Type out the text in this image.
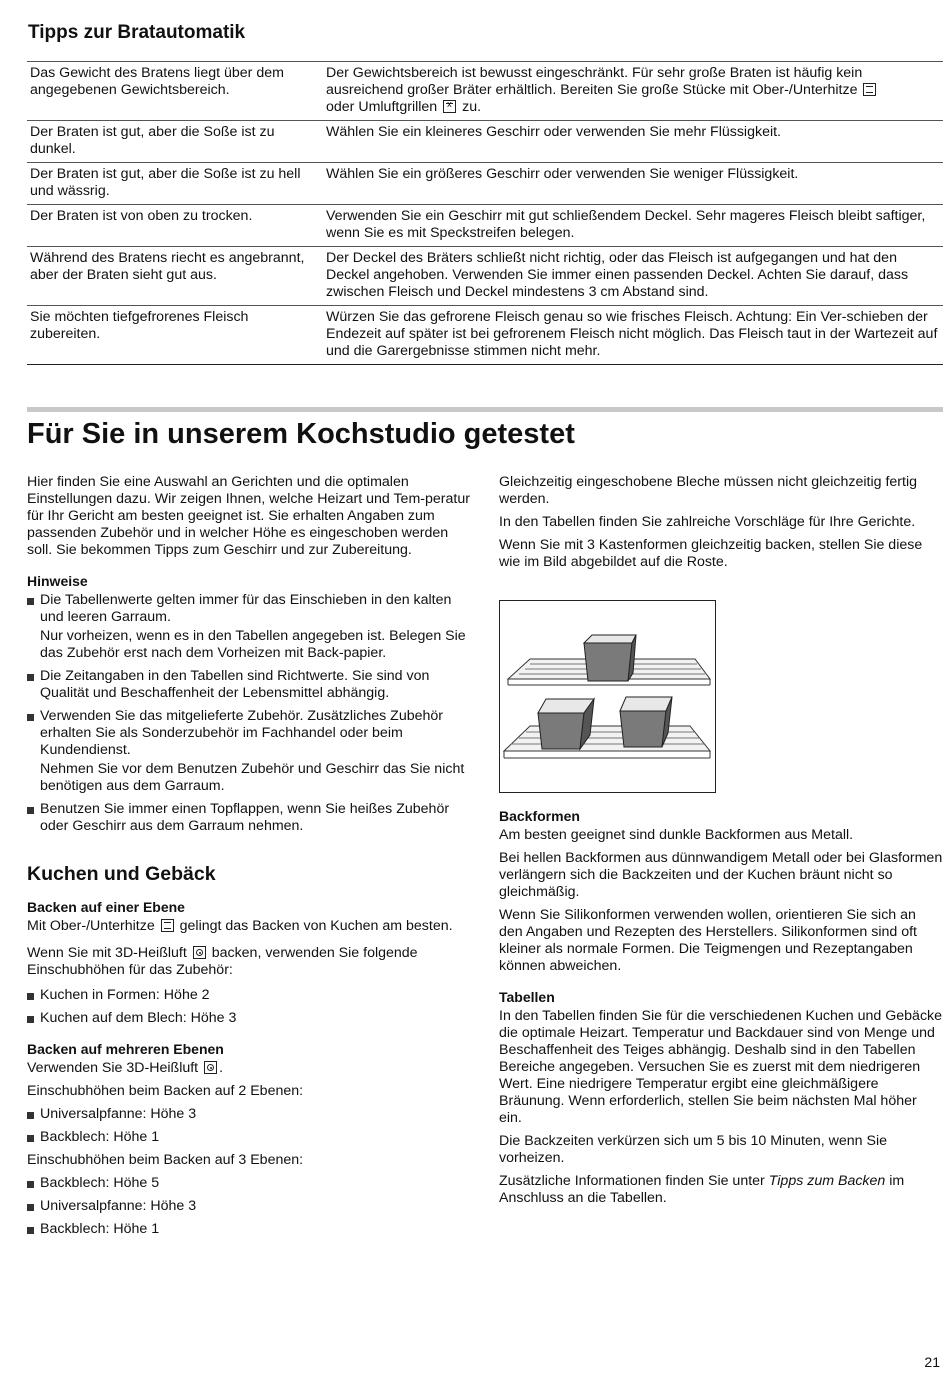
Tipps zur Bratautomatik
Das Gewicht des Bratens liegt über dem angegebenen Gewichtsbereich.	Der Gewichtsbereich ist bewusst eingeschränkt. Für sehr große Braten ist häufig kein ausreichend großer Bräter erhältlich. Bereiten Sie große Stücke mit Ober-/Unterhitze
oder Umluftgrillen x zu.
Der Braten ist gut, aber die Soße ist zu dunkel.	Wählen Sie ein kleineres Geschirr oder verwenden Sie mehr Flüssigkeit.
Der Braten ist gut, aber die Soße ist zu hell und wässrig.	Wählen Sie ein größeres Geschirr oder verwenden Sie weniger Flüssigkeit.
Der Braten ist von oben zu trocken.	Verwenden Sie ein Geschirr mit gut schließendem Deckel. Sehr mageres Fleisch bleibt saftiger, wenn Sie es mit Speckstreifen belegen.
Während des Bratens riecht es angebrannt, aber der Braten sieht gut aus.	Der Deckel des Bräters schließt nicht richtig, oder das Fleisch ist aufgegangen und hat den Deckel angehoben. Verwenden Sie immer einen passenden Deckel. Achten Sie darauf, dass zwischen Fleisch und Deckel mindestens 3 cm Abstand sind.
Sie möchten tiefgefrorenes Fleisch zubereiten.	Würzen Sie das gefrorene Fleisch genau so wie frisches Fleisch. Achtung: Ein Ver-schieben der Endezeit auf später ist bei gefrorenem Fleisch nicht möglich. Das Fleisch taut in der Wartezeit auf und die Garergebnisse stimmen nicht mehr.
Für Sie in unserem Kochstudio getestet

Hier finden Sie eine Auswahl an Gerichten und die optimalen Einstellungen dazu. Wir zeigen Ihnen, welche Heizart und Tem-peratur für Ihr Gericht am besten geeignet ist. Sie erhalten Angaben zum passenden Zubehör und in welcher Höhe es eingeschoben werden soll. Sie bekommen Tipps zum Geschirr und zur Zubereitung.

Hinweise
Die Tabellenwerte gelten immer für das Einschieben in den kalten und leeren Garraum.
Nur vorheizen, wenn es in den Tabellen angegeben ist. Belegen Sie das Zubehör erst nach dem Vorheizen mit Back-papier.
Die Zeitangaben in den Tabellen sind Richtwerte. Sie sind von Qualität und Beschaffenheit der Lebensmittel abhängig.
Verwenden Sie das mitgelieferte Zubehör. Zusätzliches Zubehör erhalten Sie als Sonderzubehör im Fachhandel oder beim Kundendienst.
Nehmen Sie vor dem Benutzen Zubehör und Geschirr das Sie nicht benötigen aus dem Garraum.
Benutzen Sie immer einen Topflappen, wenn Sie heißes Zubehör oder Geschirr aus dem Garraum nehmen.
Kuchen und Gebäck
Backen auf einer Ebene

Mit Ober-/Unterhitze gelingt das Backen von Kuchen am besten.

Wenn Sie mit 3D-Heißluft backen, verwenden Sie folgende Einschubhöhen für das Zubehör:

Kuchen in Formen: Höhe 2
Kuchen auf dem Blech: Höhe 3
Backen auf mehreren Ebenen

Verwenden Sie 3D-Heißluft .

Einschubhöhen beim Backen auf 2 Ebenen:

Universalpfanne: Höhe 3
Backblech: Höhe 1

Einschubhöhen beim Backen auf 3 Ebenen:

Backblech: Höhe 5
Universalpfanne: Höhe 3
Backblech: Höhe 1

Gleichzeitig eingeschobene Bleche müssen nicht gleichzeitig fertig werden.

In den Tabellen finden Sie zahlreiche Vorschläge für Ihre Gerichte.

Wenn Sie mit 3 Kastenformen gleichzeitig backen, stellen Sie diese wie im Bild abgebildet auf die Roste.

Backformen

Am besten geeignet sind dunkle Backformen aus Metall.

Bei hellen Backformen aus dünnwandigem Metall oder bei Glasformen verlängern sich die Backzeiten und der Kuchen bräunt nicht so gleichmäßig.

Wenn Sie Silikonformen verwenden wollen, orientieren Sie sich an den Angaben und Rezepten des Herstellers. Silikonformen sind oft kleiner als normale Formen. Die Teigmengen und Rezeptangaben können abweichen.

Tabellen

In den Tabellen finden Sie für die verschiedenen Kuchen und Gebäcke die optimale Heizart. Temperatur und Backdauer sind von Menge und Beschaffenheit des Teiges abhängig. Deshalb sind in den Tabellen Bereiche angegeben. Versuchen Sie es zuerst mit dem niedrigeren Wert. Eine niedrigere Temperatur ergibt eine gleichmäßigere Bräunung. Wenn erforderlich, stellen Sie beim nächsten Mal höher ein.

Die Backzeiten verkürzen sich um 5 bis 10 Minuten, wenn Sie vorheizen.

Zusätzliche Informationen finden Sie unter Tipps zum Backen im Anschluss an die Tabellen.

21
